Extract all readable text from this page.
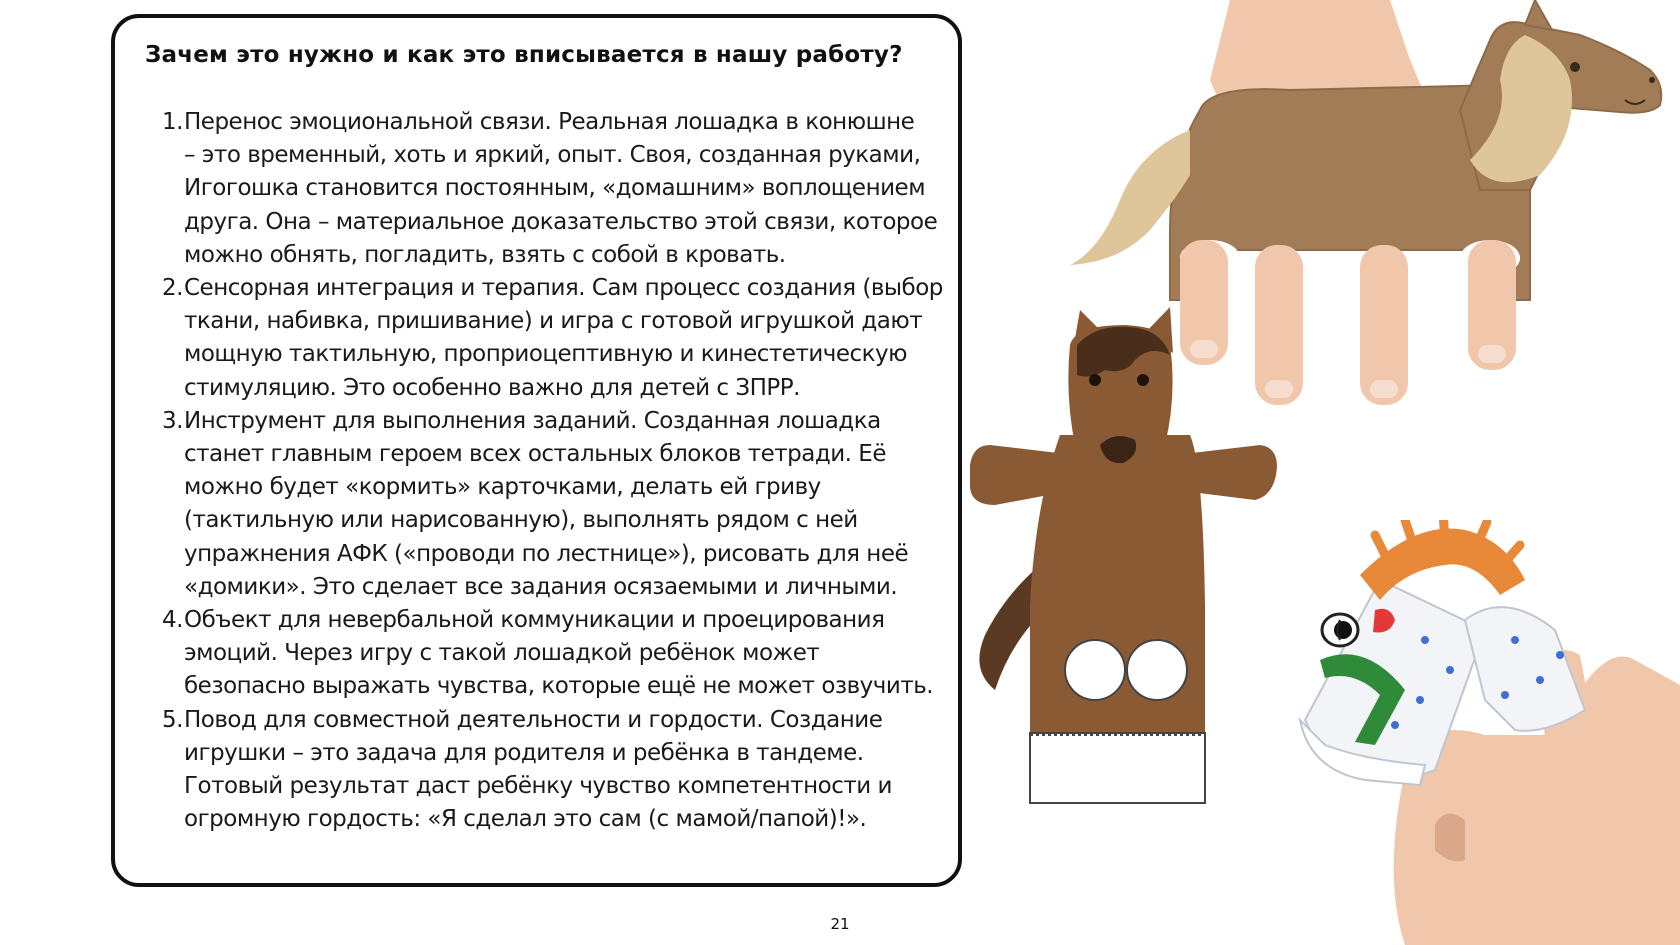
Зачем это нужно и как это вписывается в нашу работу?
1. Перенос эмоциональной связи. Реальная лошадка в конюшне
– это временный, хоть и яркий, опыт. Своя, созданная руками,
Игогошка становится постоянным, «домашним» воплощением
друга. Она – материальное доказательство этой связи, которое
можно обнять, погладить, взять с собой в кровать.
2. Сенсорная интеграция и терапия. Сам процесс создания (выбор
ткани, набивка, пришивание) и игра с готовой игрушкой дают
мощную тактильную, проприоцептивную и кинестетическую
стимуляцию. Это особенно важно для детей с ЗПРР.
3. Инструмент для выполнения заданий. Созданная лошадка
станет главным героем всех остальных блоков тетради. Её
можно будет «кормить» карточками, делать ей гриву
(тактильную или нарисованную), выполнять рядом с ней
упражнения АФК («проводи по лестнице»), рисовать для неё
«домики». Это сделает все задания осязаемыми и личными.
4. Объект для невербальной коммуникации и проецирования
эмоций. Через игру с такой лошадкой ребёнок может
безопасно выражать чувства, которые ещё не может озвучить.
5. Повод для совместной деятельности и гордости. Создание
игрушки – это задача для родителя и ребёнка в тандеме.
Готовый результат даст ребёнку чувство компетентности и
огромную гордость: «Я сделал это сам (с мамой/папой)!».
21
